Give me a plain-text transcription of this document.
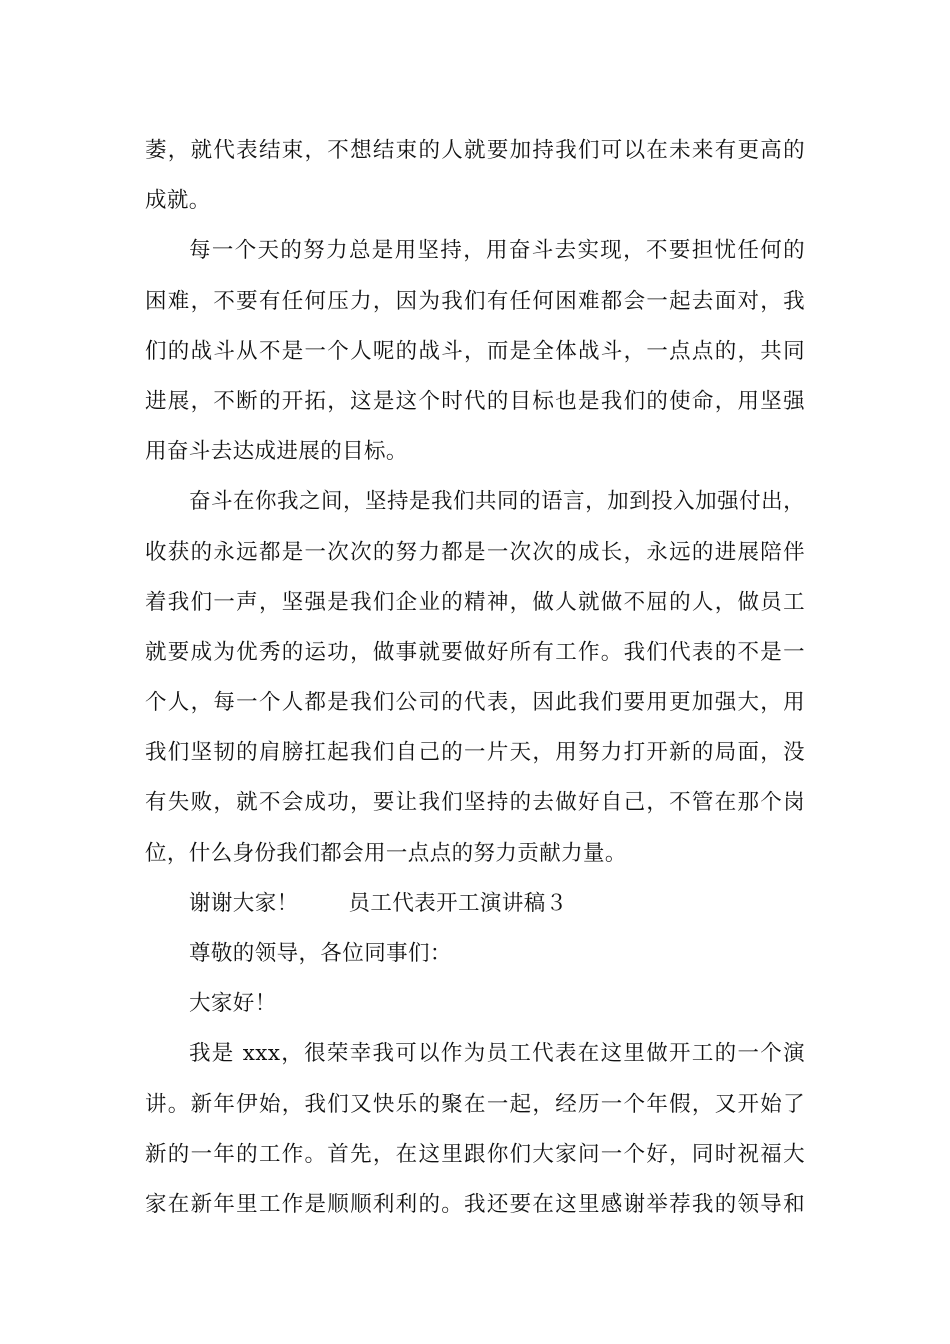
萎，就代表结束，不想结束的人就要加持我们可以在未来有更高的
成就。
每一个天的努力总是用坚持，用奋斗去实现，不要担忧任何的
困难，不要有任何压力，因为我们有任何困难都会一起去面对，我
们的战斗从不是一个人呢的战斗，而是全体战斗，一点点的，共同
进展，不断的开拓，这是这个时代的目标也是我们的使命，用坚强
用奋斗去达成进展的目标。
奋斗在你我之间，坚持是我们共同的语言，加到投入加强付出，
收获的永远都是一次次的努力都是一次次的成长，永远的进展陪伴
着我们一声，坚强是我们企业的精神，做人就做不屈的人，做员工
就要成为优秀的运功，做事就要做好所有工作。我们代表的不是一
个人，每一个人都是我们公司的代表，因此我们要用更加强大，用
我们坚韧的肩膀扛起我们自己的一片天，用努力打开新的局面，没
有失败，就不会成功，要让我们坚持的去做好自己，不管在那个岗
位，什么身份我们都会用一点点的努力贡献力量。
谢谢大家！ 员工代表开工演讲稿３
尊敬的领导，各位同事们：
大家好！
我是 xxx，很荣幸我可以作为员工代表在这里做开工的一个演
讲。新年伊始，我们又快乐的聚在一起，经历一个年假，又开始了
新的一年的工作。首先，在这里跟你们大家问一个好，同时祝福大
家在新年里工作是顺顺利利的。我还要在这里感谢举荐我的领导和
